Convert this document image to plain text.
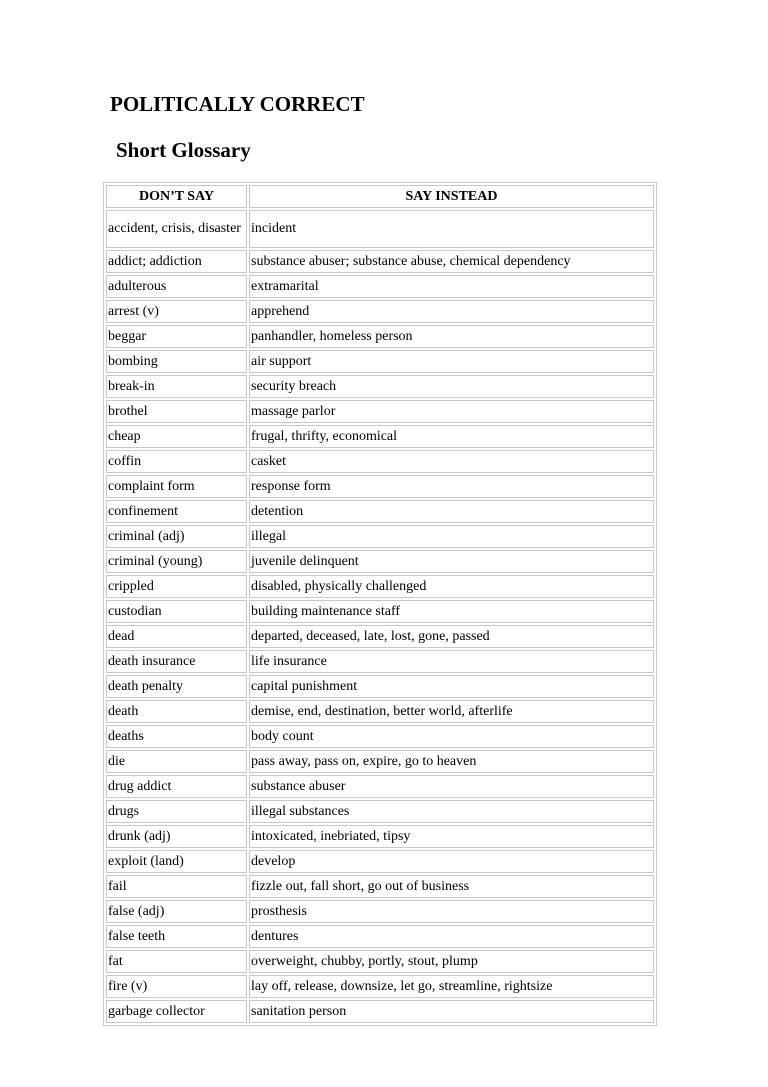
POLITICALLY CORRECT
Short Glossary
DON’T SAY	SAY INSTEAD
accident, crisis, disaster	incident
addict; addiction	substance abuser; substance abuse, chemical dependency
adulterous	extramarital
arrest (v)	apprehend
beggar	panhandler, homeless person
bombing	air support
break-in	security breach
brothel	massage parlor
cheap	frugal, thrifty, economical
coffin	casket
complaint form	response form
confinement	detention
criminal (adj)	illegal
criminal (young)	juvenile delinquent
crippled	disabled, physically challenged
custodian	building maintenance staff
dead	departed, deceased, late, lost, gone, passed
death insurance	life insurance
death penalty	capital punishment
death	demise, end, destination, better world, afterlife
deaths	body count
die	pass away, pass on, expire, go to heaven
drug addict	substance abuser
drugs	illegal substances
drunk (adj)	intoxicated, inebriated, tipsy
exploit (land)	develop
fail	fizzle out, fall short, go out of business
false (adj)	prosthesis
false teeth	dentures
fat	overweight, chubby, portly, stout, plump
fire (v)	lay off, release, downsize, let go, streamline, rightsize
garbage collector	sanitation person
